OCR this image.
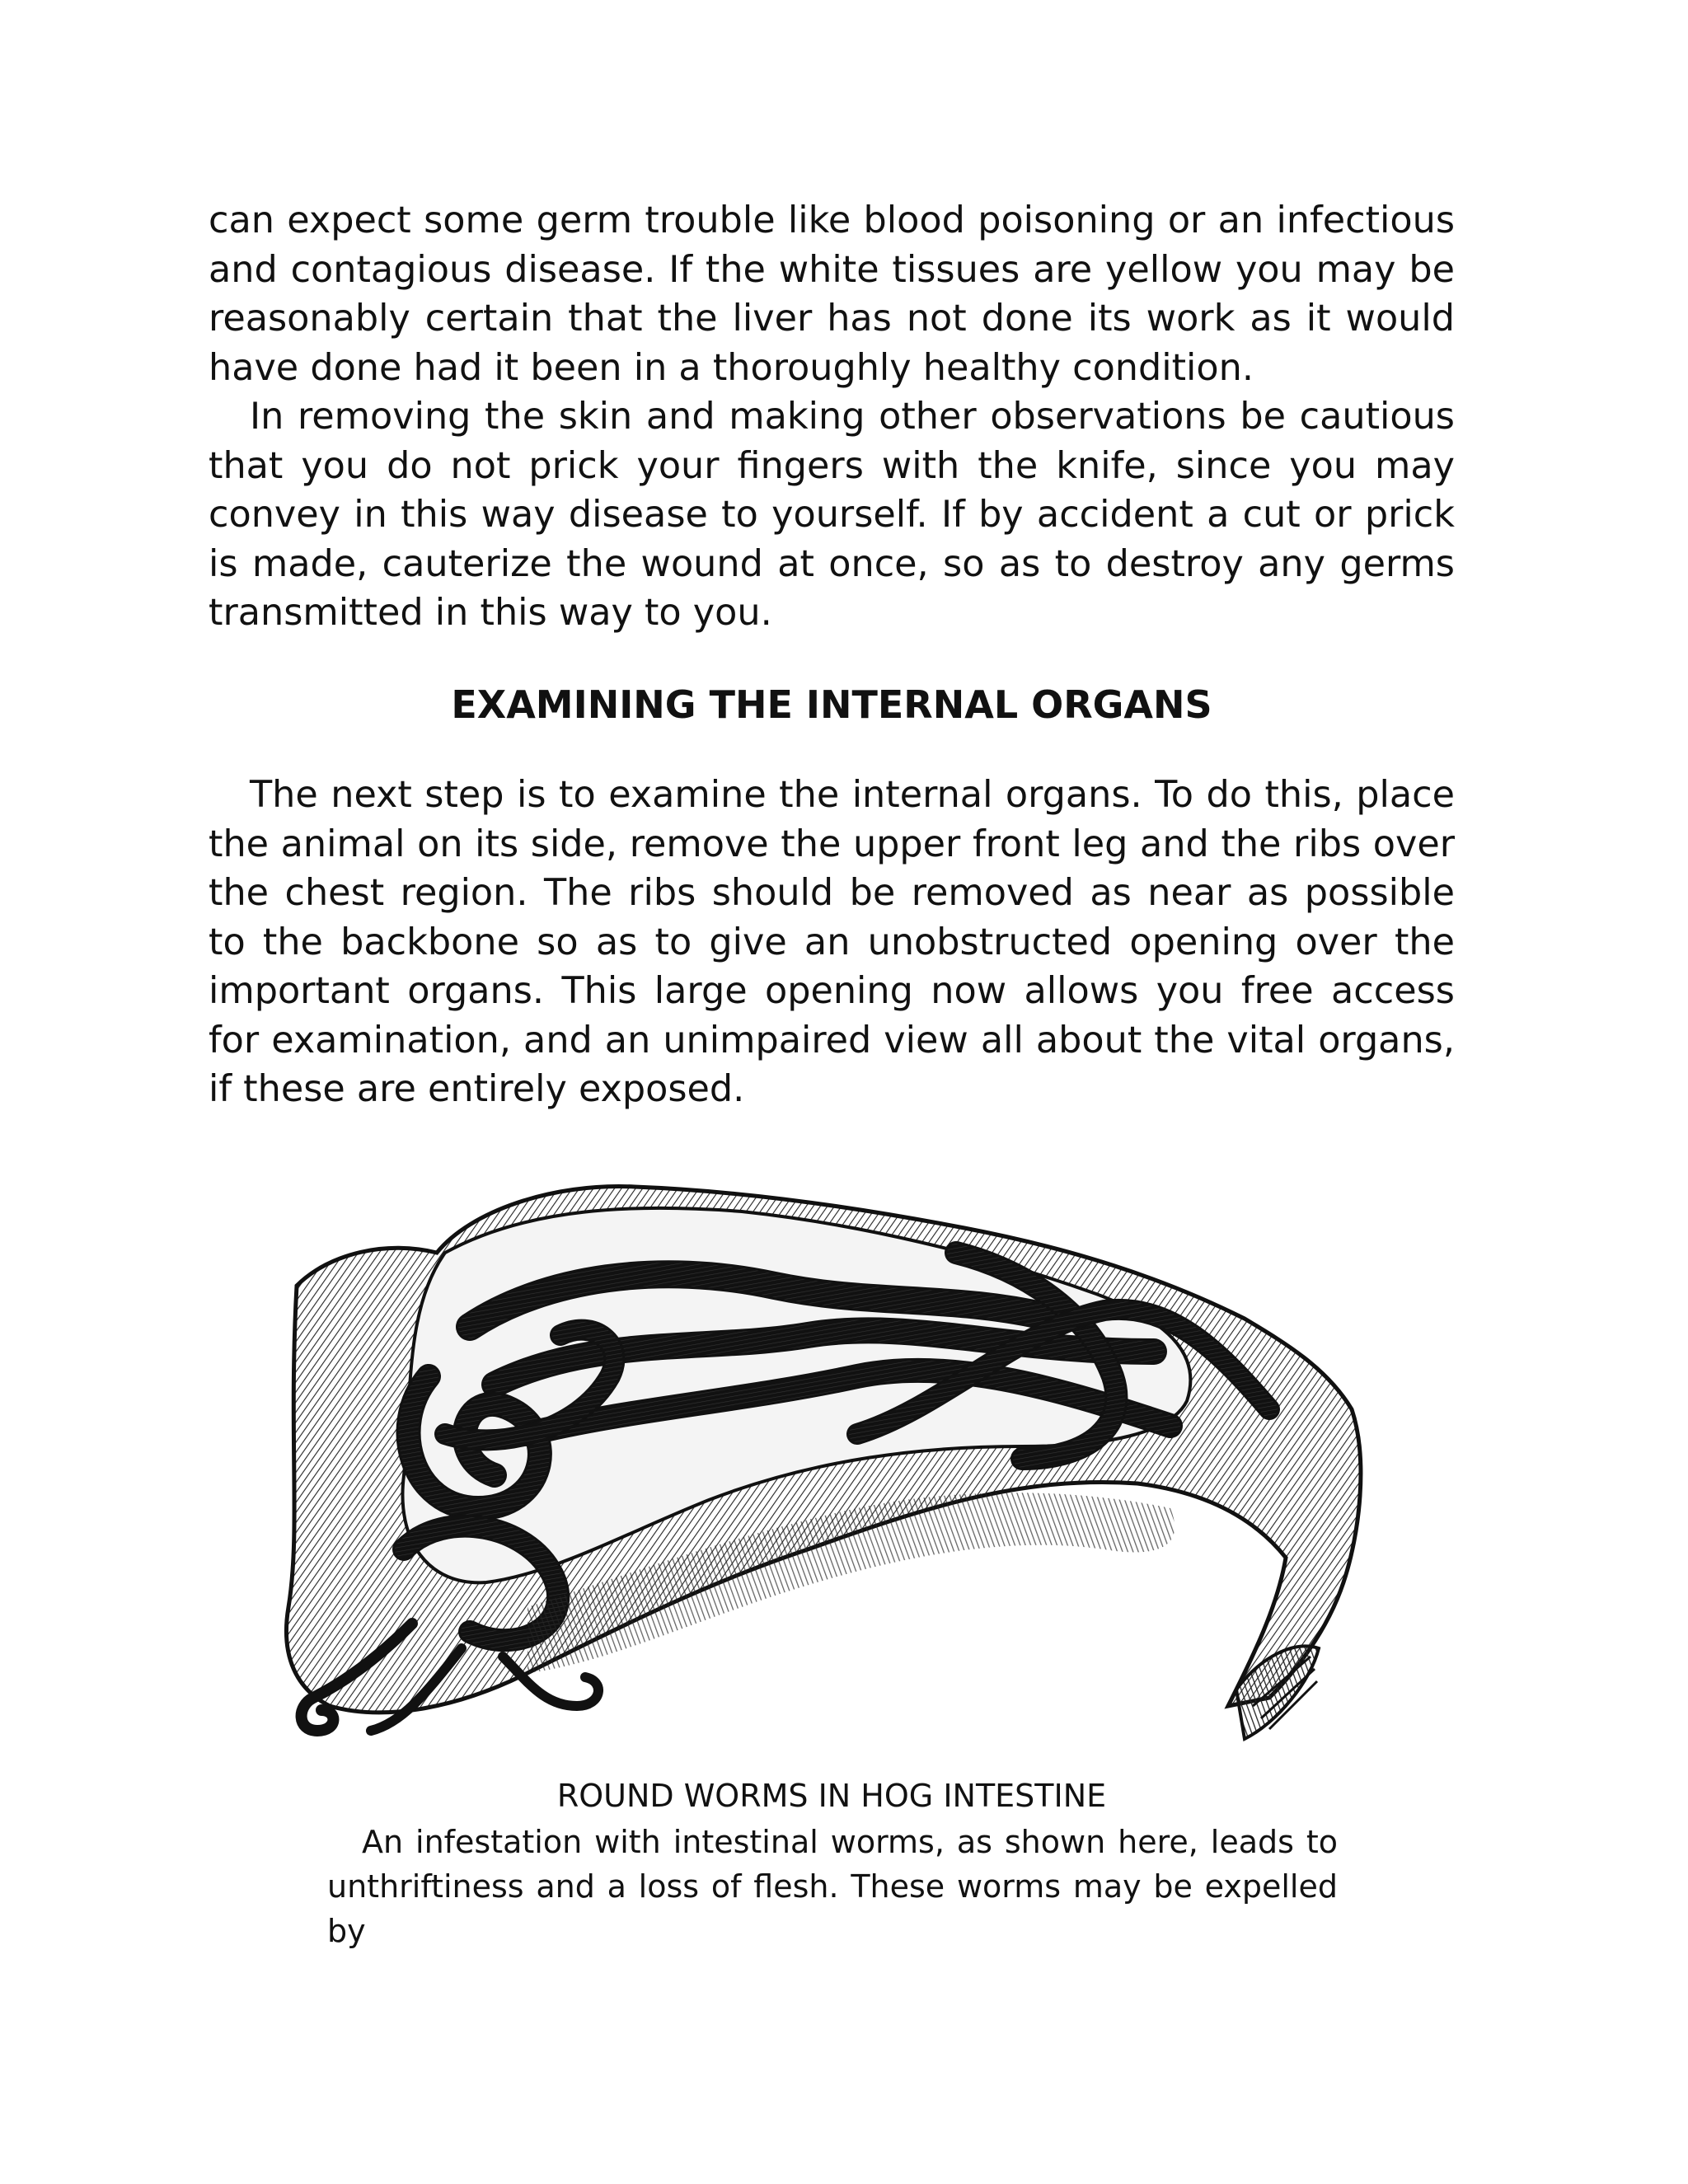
can expect some germ trouble like blood poisoning or an infectious and contagious disease. If the white tissues are yellow you may be reasonably certain that the liver has not done its work as it would have done had it been in a thoroughly healthy condition.

In removing the skin and making other observations be cautious that you do not prick your fingers with the knife, since you may convey in this way disease to yourself. If by accident a cut or prick is made, cauterize the wound at once, so as to destroy any germs transmitted in this way to you.

EXAMINING THE INTERNAL ORGANS

The next step is to examine the internal organs. To do this, place the animal on its side, remove the upper front leg and the ribs over the chest region. The ribs should be removed as near as possible to the backbone so as to give an unobstructed opening over the important organs. This large opening now allows you free access for examination, and an unimpaired view all about the vital organs, if these are entirely exposed.

ROUND WORMS IN HOG INTESTINE

An infestation with intestinal worms, as shown here, leads to unthriftiness and a loss of flesh. These worms may be expelled by
